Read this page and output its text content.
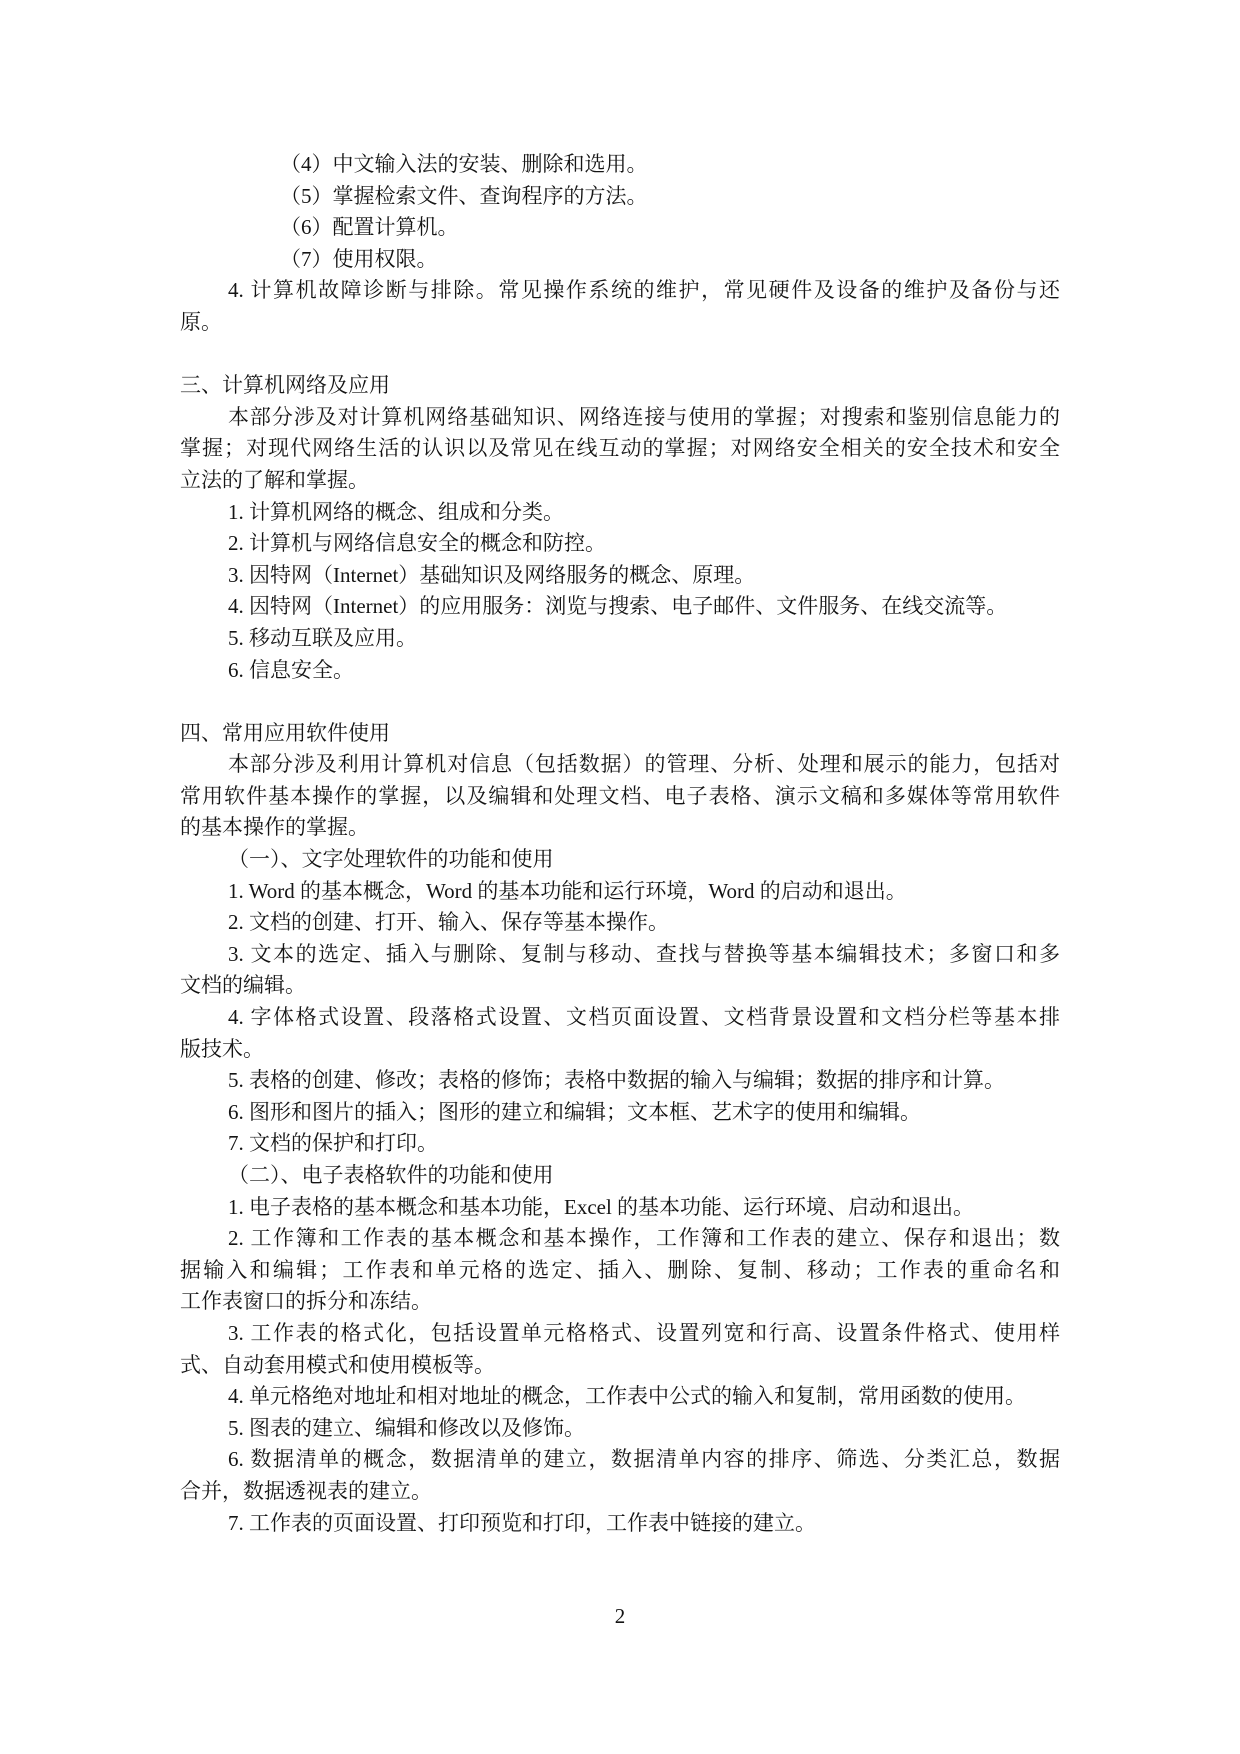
（4）中文输入法的安装、删除和选用。
（5）掌握检索文件、查询程序的方法。
（6）配置计算机。
（7）使用权限。
4. 计算机故障诊断与排除。常见操作系统的维护，常见硬件及设备的维护及备份与还
原。
三、计算机网络及应用
本部分涉及对计算机网络基础知识、网络连接与使用的掌握；对搜索和鉴别信息能力的
掌握；对现代网络生活的认识以及常见在线互动的掌握；对网络安全相关的安全技术和安全
立法的了解和掌握。
1. 计算机网络的概念、组成和分类。
2. 计算机与网络信息安全的概念和防控。
3. 因特网（Internet）基础知识及网络服务的概念、原理。
4. 因特网（Internet）的应用服务：浏览与搜索、电子邮件、文件服务、在线交流等。
5. 移动互联及应用。
6. 信息安全。
四、常用应用软件使用
本部分涉及利用计算机对信息（包括数据）的管理、分析、处理和展示的能力，包括对
常用软件基本操作的掌握，以及编辑和处理文档、电子表格、演示文稿和多媒体等常用软件
的基本操作的掌握。
（一）、文字处理软件的功能和使用
1. Word 的基本概念，Word 的基本功能和运行环境，Word 的启动和退出。
2. 文档的创建、打开、输入、保存等基本操作。
3. 文本的选定、插入与删除、复制与移动、查找与替换等基本编辑技术；多窗口和多
文档的编辑。
4. 字体格式设置、段落格式设置、文档页面设置、文档背景设置和文档分栏等基本排
版技术。
5. 表格的创建、修改；表格的修饰；表格中数据的输入与编辑；数据的排序和计算。
6. 图形和图片的插入；图形的建立和编辑；文本框、艺术字的使用和编辑。
7. 文档的保护和打印。
（二）、电子表格软件的功能和使用
1. 电子表格的基本概念和基本功能，Excel 的基本功能、运行环境、启动和退出。
2. 工作簿和工作表的基本概念和基本操作，工作簿和工作表的建立、保存和退出；数
据输入和编辑；工作表和单元格的选定、插入、删除、复制、移动；工作表的重命名和
工作表窗口的拆分和冻结。
3. 工作表的格式化，包括设置单元格格式、设置列宽和行高、设置条件格式、使用样
式、自动套用模式和使用模板等。
4. 单元格绝对地址和相对地址的概念，工作表中公式的输入和复制，常用函数的使用。
5. 图表的建立、编辑和修改以及修饰。
6. 数据清单的概念，数据清单的建立，数据清单内容的排序、筛选、分类汇总，数据
合并，数据透视表的建立。
7. 工作表的页面设置、打印预览和打印，工作表中链接的建立。
2
